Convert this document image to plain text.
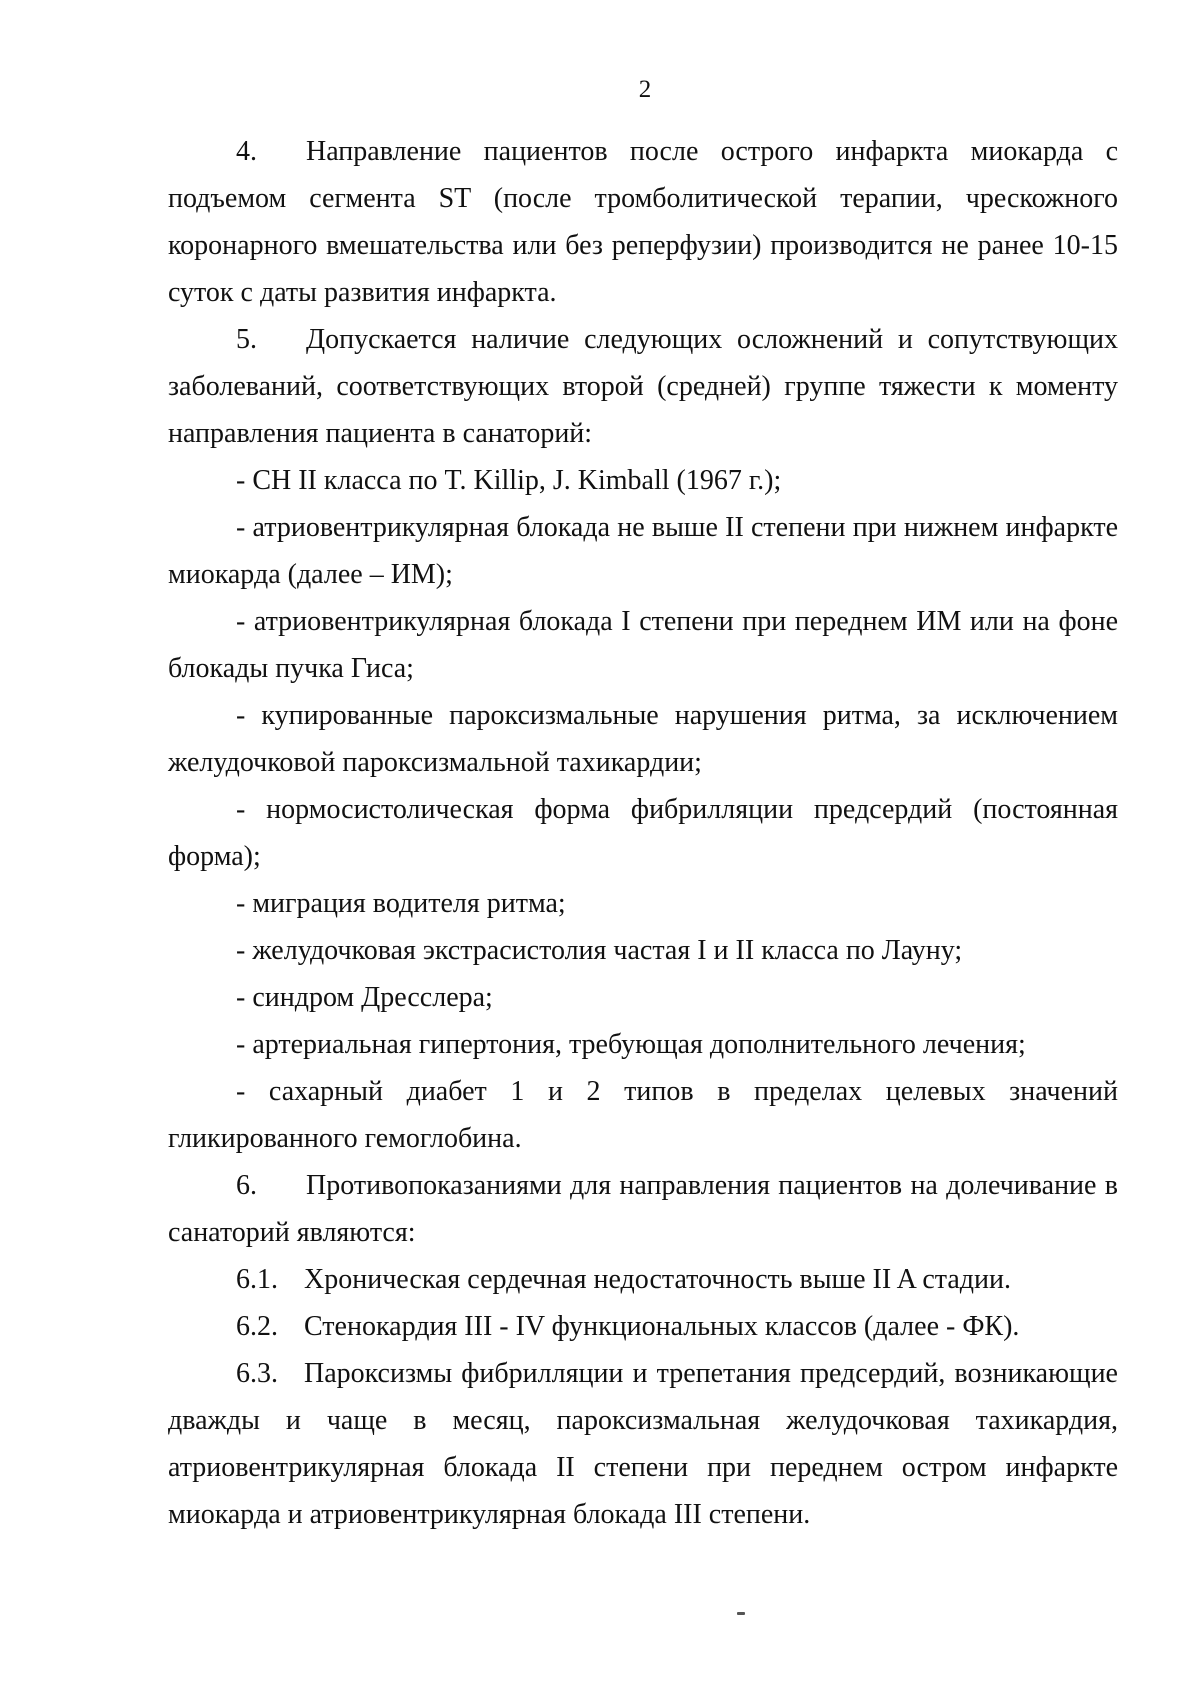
2

4. Направление пациентов после острого инфаркта миокарда с подъемом сегмента ST (после тромболитической терапии, чрескожного коронарного вмешательства или без реперфузии) производится не ранее 10-15 суток с даты развития инфаркта.

5. Допускается наличие следующих осложнений и сопутствующих заболеваний, соответствующих второй (средней) группе тяжести к моменту направления пациента в санаторий:

- СН II класса по T. Killip, J. Kimball (1967 г.);

- атриовентрикулярная блокада не выше II степени при нижнем инфаркте миокарда (далее – ИМ);

- атриовентрикулярная блокада I степени при переднем ИМ или на фоне блокады пучка Гиса;

- купированные пароксизмальные нарушения ритма, за исключением желудочковой пароксизмальной тахикардии;

- нормосистолическая форма фибрилляции предсердий (постоянная форма);

- миграция водителя ритма;

- желудочковая экстрасистолия частая I и II класса по Лауну;

- синдром Дресслера;

- артериальная гипертония, требующая дополнительного лечения;

- сахарный диабет 1 и 2 типов в пределах целевых значений гликированного гемоглобина.

6. Противопоказаниями для направления пациентов на долечивание в санаторий являются:

6.1. Хроническая сердечная недостаточность выше II A стадии.

6.2. Стенокардия III - IV функциональных классов (далее - ФК).

6.3. Пароксизмы фибрилляции и трепетания предсердий, возникающие дважды и чаще в месяц, пароксизмальная желудочковая тахикардия, атриовентрикулярная блокада II степени при переднем остром инфаркте миокарда и атриовентрикулярная блокада III степени.
